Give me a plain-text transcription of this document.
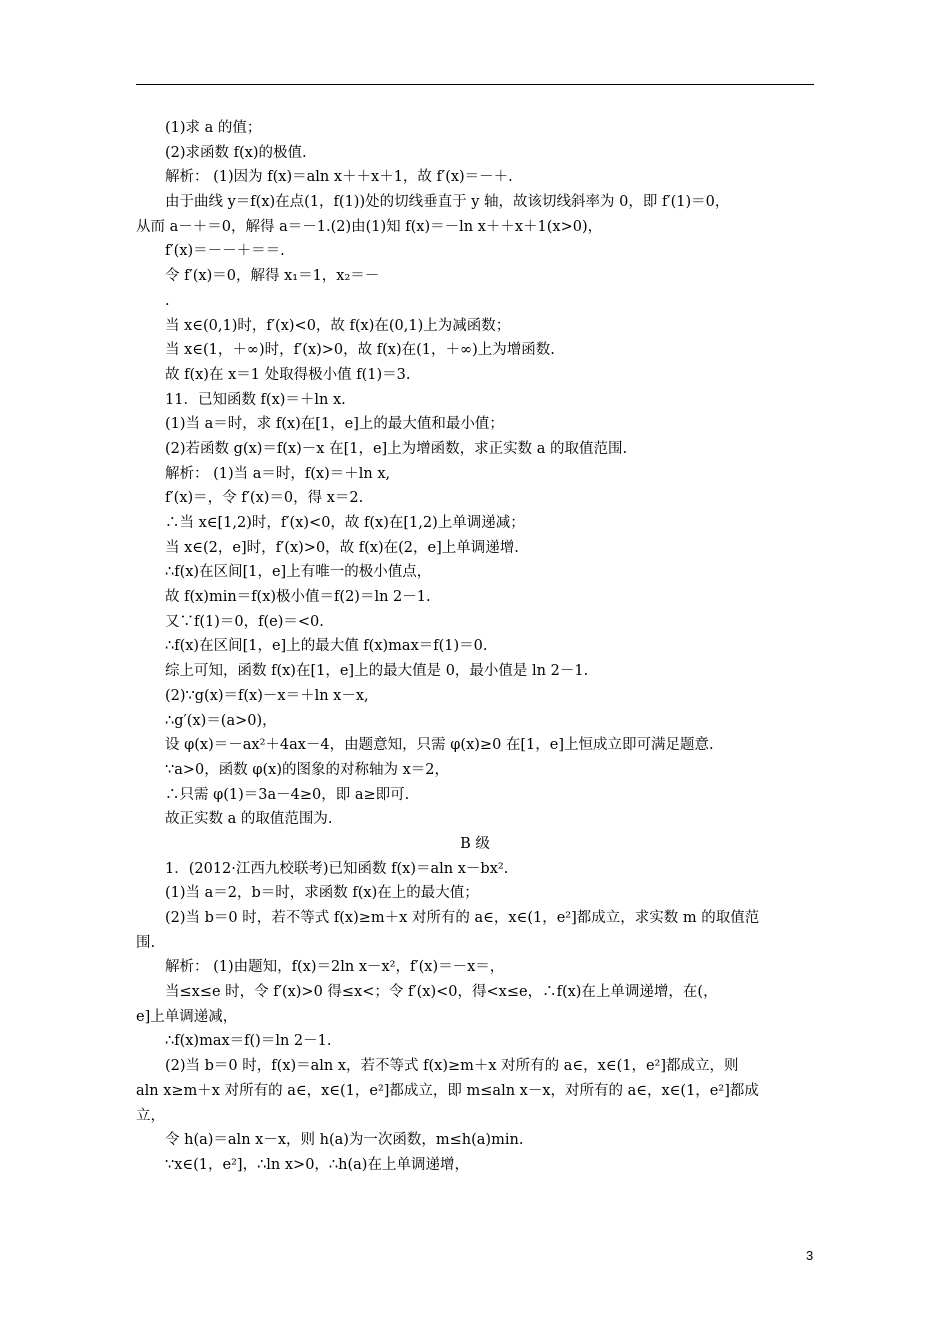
(1)求 a 的值；
(2)求函数 f(x)的极值.
解析： (1)因为 f(x)＝aln x＋＋x＋1，故 f′(x)＝－＋.
由于曲线 y＝f(x)在点(1，f(1))处的切线垂直于 y 轴，故该切线斜率为 0，即 f′(1)＝0，
从而 a－＋＝0，解得 a＝－1.(2)由(1)知 f(x)＝－ln x＋＋x＋1(x>0)，
f′(x)＝－－＋＝＝.
令 f′(x)＝0，解得 x₁＝1，x₂＝－
.
当 x∈(0,1)时，f′(x)<0，故 f(x)在(0,1)上为减函数；
当 x∈(1，＋∞)时，f′(x)>0，故 f(x)在(1，＋∞)上为增函数.
故 f(x)在 x＝1 处取得极小值 f(1)＝3.
11．已知函数 f(x)＝＋ln x.
(1)当 a＝时，求 f(x)在[1，e]上的最大值和最小值；
(2)若函数 g(x)＝f(x)－x 在[1，e]上为增函数，求正实数 a 的取值范围.
解析： (1)当 a＝时，f(x)＝＋ln x,
f′(x)＝，令 f′(x)＝0，得 x＝2.
∴当 x∈[1,2)时，f′(x)<0，故 f(x)在[1,2)上单调递减；
当 x∈(2，e]时，f′(x)>0，故 f(x)在(2，e]上单调递增.
∴f(x)在区间[1，e]上有唯一的极小值点，
故 f(x)min＝f(x)极小值＝f(2)＝ln 2－1.
又∵f(1)＝0，f(e)＝<0.
∴f(x)在区间[1，e]上的最大值 f(x)max＝f(1)＝0.
综上可知，函数 f(x)在[1，e]上的最大值是 0，最小值是 ln 2－1.
(2)∵g(x)＝f(x)－x＝＋ln x－x,
∴g′(x)＝(a>0)，
设 φ(x)＝－ax²＋4ax－4，由题意知，只需 φ(x)≥0 在[1，e]上恒成立即可满足题意.
∵a>0，函数 φ(x)的图象的对称轴为 x＝2，
∴只需 φ(1)＝3a－4≥0，即 a≥即可.
故正实数 a 的取值范围为.
B 级
1．(2012·江西九校联考)已知函数 f(x)＝aln x－bx².
(1)当 a＝2，b＝时，求函数 f(x)在上的最大值；
(2)当 b＝0 时，若不等式 f(x)≥m＋x 对所有的 a∈，x∈(1，e²]都成立，求实数 m 的取值范
围.
解析： (1)由题知，f(x)＝2ln x－x²，f′(x)＝－x＝，
当≤x≤e 时，令 f′(x)>0 得≤x<；令 f′(x)<0，得<x≤e，∴f(x)在上单调递增，在(，
e]上单调递减，
∴f(x)max＝f()＝ln 2－1.
(2)当 b＝0 时，f(x)＝aln x，若不等式 f(x)≥m＋x 对所有的 a∈，x∈(1，e²]都成立，则
aln x≥m＋x 对所有的 a∈，x∈(1，e²]都成立，即 m≤aln x－x，对所有的 a∈，x∈(1，e²]都成
立，
令 h(a)＝aln x－x，则 h(a)为一次函数，m≤h(a)min.
∵x∈(1，e²]，∴ln x>0，∴h(a)在上单调递增，
3
